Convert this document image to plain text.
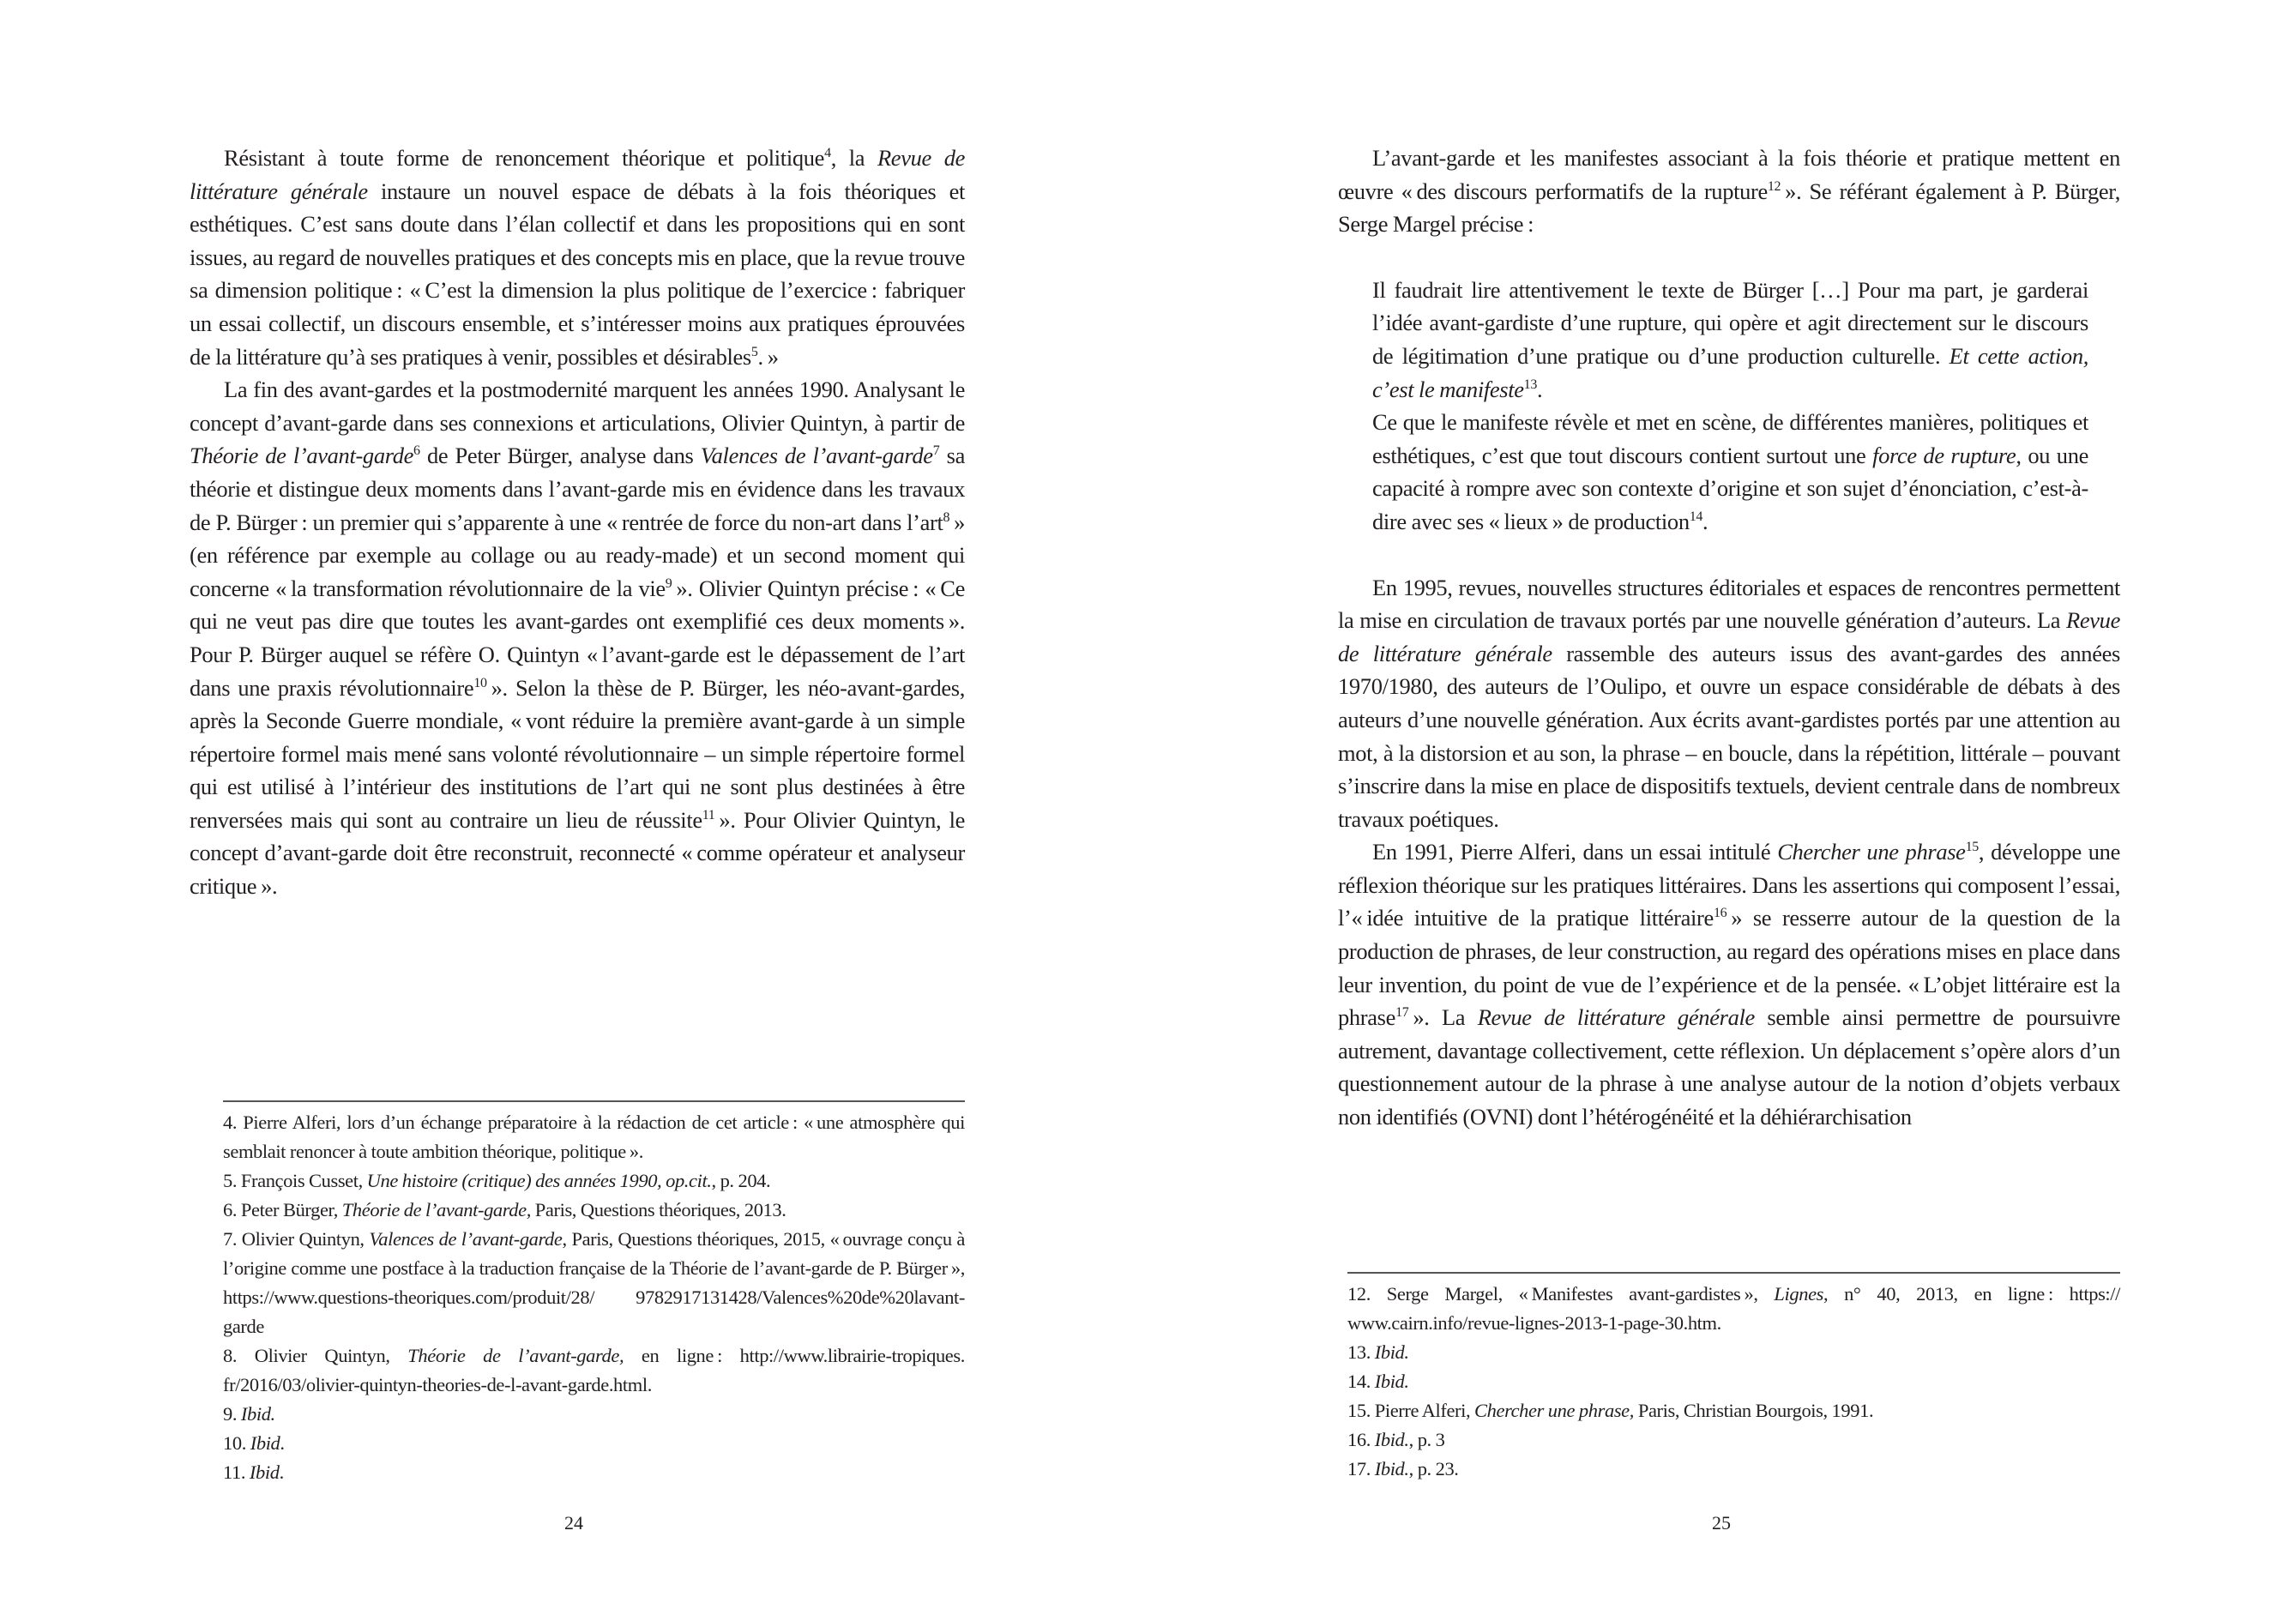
Résistant à toute forme de renoncement théorique et politique$^4$, la Revue de littérature générale instaure un nouvel espace de débats à la fois théoriques et esthétiques. C’est sans doute dans l’élan collectif et dans les propositions qui en sont issues, au regard de nouvelles pratiques et des concepts mis en place, que la revue trouve sa dimension politique : « C’est la dimension la plus politique de l’exercice : fabriquer un essai collectif, un discours ensemble, et s’intéresser moins aux pratiques éprouvées de la littérature qu’à ses pratiques à venir, possibles et désirables$^5$. »

La fin des avant-gardes et la postmodernité marquent les années 1990. Analysant le concept d’avant-garde dans ses connexions et articulations, Olivier Quintyn, à partir de Théorie de l’avant-garde$^6$ de Peter Bürger, analyse dans Valences de l’avant-garde$^7$ sa théorie et distingue deux moments dans l’avant-garde mis en évidence dans les travaux de P. Bürger : un premier qui s’apparente à une « rentrée de force du non-art dans l’art$^8$ » (en référence par exemple au collage ou au ready-made) et un second moment qui concerne « la transformation révolutionnaire de la vie$^9$ ». Olivier Quintyn précise : « Ce qui ne veut pas dire que toutes les avant-gardes ont exemplifié ces deux moments ». Pour P. Bürger auquel se réfère O. Quintyn « l’avant-garde est le dépassement de l’art dans une praxis révolutionnaire$^{10}$ ». Selon la thèse de P. Bürger, les néo-avant-gardes, après la Seconde Guerre mondiale, « vont réduire la première avant-garde à un simple répertoire formel mais mené sans volonté révolutionnaire – un simple répertoire formel qui est utilisé à l’intérieur des institutions de l’art qui ne sont plus destinées à être renversées mais qui sont au contraire un lieu de réussite$^{11}$ ». Pour Olivier Quintyn, le concept d’avant-garde doit être reconstruit, reconnecté « comme opérateur et analyseur critique ».

4. Pierre Alferi, lors d’un échange préparatoire à la rédaction de cet article : « une atmosphère qui semblait renoncer à toute ambition théorique, politique ».

5. François Cusset, Une histoire (critique) des années 1990, op.cit., p. 204.

6. Peter Bürger, Théorie de l’avant-garde, Paris, Questions théoriques, 2013.

7. Olivier Quintyn, Valences de l’avant-garde, Paris, Questions théoriques, 2015, « ouvrage conçu à l’origine comme une postface à la traduction française de la Théorie de l’avant-garde de P. Bürger », https://www.questions-theoriques.com/produit/28/ 9782917131428/Valences%20de%20lavant-garde

8. Olivier Quintyn, Théorie de l’avant-garde, en ligne : http://www.librairie-tropiques. fr/2016/03/olivier-quintyn-theories-de-l-avant-garde.html.

9. Ibid.

10. Ibid.

11. Ibid.

24

L’avant-garde et les manifestes associant à la fois théorie et pratique mettent en œuvre « des discours performatifs de la rupture$^{12}$ ». Se référant également à P. Bürger, Serge Margel précise :

Il faudrait lire attentivement le texte de Bürger […] Pour ma part, je garderai l’idée avant-gardiste d’une rupture, qui opère et agit directement sur le discours de légitimation d’une pratique ou d’une production culturelle. Et cette action, c’est le manifeste$^{13}$.

Ce que le manifeste révèle et met en scène, de différentes manières, politiques et esthétiques, c’est que tout discours contient surtout une force de rupture, ou une capacité à rompre avec son contexte d’origine et son sujet d’énonciation, c’est-à-dire avec ses « lieux » de production$^{14}$.

En 1995, revues, nouvelles structures éditoriales et espaces de rencontres permettent la mise en circulation de travaux portés par une nouvelle génération d’auteurs. La Revue de littérature générale rassemble des auteurs issus des avant-gardes des années 1970/1980, des auteurs de l’Oulipo, et ouvre un espace considérable de débats à des auteurs d’une nouvelle génération. Aux écrits avant-gardistes portés par une attention au mot, à la distorsion et au son, la phrase – en boucle, dans la répétition, littérale – pouvant s’inscrire dans la mise en place de dispositifs textuels, devient centrale dans de nombreux travaux poétiques.

En 1991, Pierre Alferi, dans un essai intitulé Chercher une phrase$^{15}$, développe une réflexion théorique sur les pratiques littéraires. Dans les assertions qui composent l’essai, l’« idée intuitive de la pratique littéraire$^{16}$ » se resserre autour de la question de la production de phrases, de leur construction, au regard des opérations mises en place dans leur invention, du point de vue de l’expérience et de la pensée. « L’objet littéraire est la phrase$^{17}$ ». La Revue de littérature générale semble ainsi permettre de poursuivre autrement, davantage collectivement, cette réflexion. Un déplacement s’opère alors d’un questionnement autour de la phrase à une analyse autour de la notion d’objets verbaux non identifiés (OVNI) dont l’hétérogénéité et la déhiérarchisation

12. Serge Margel, « Manifestes avant-gardistes », Lignes, n° 40, 2013, en ligne : https:// www.cairn.info/revue-lignes-2013-1-page-30.htm.

13. Ibid.

14. Ibid.

15. Pierre Alferi, Chercher une phrase, Paris, Christian Bourgois, 1991.

16. Ibid., p. 3

17. Ibid., p. 23.

25
